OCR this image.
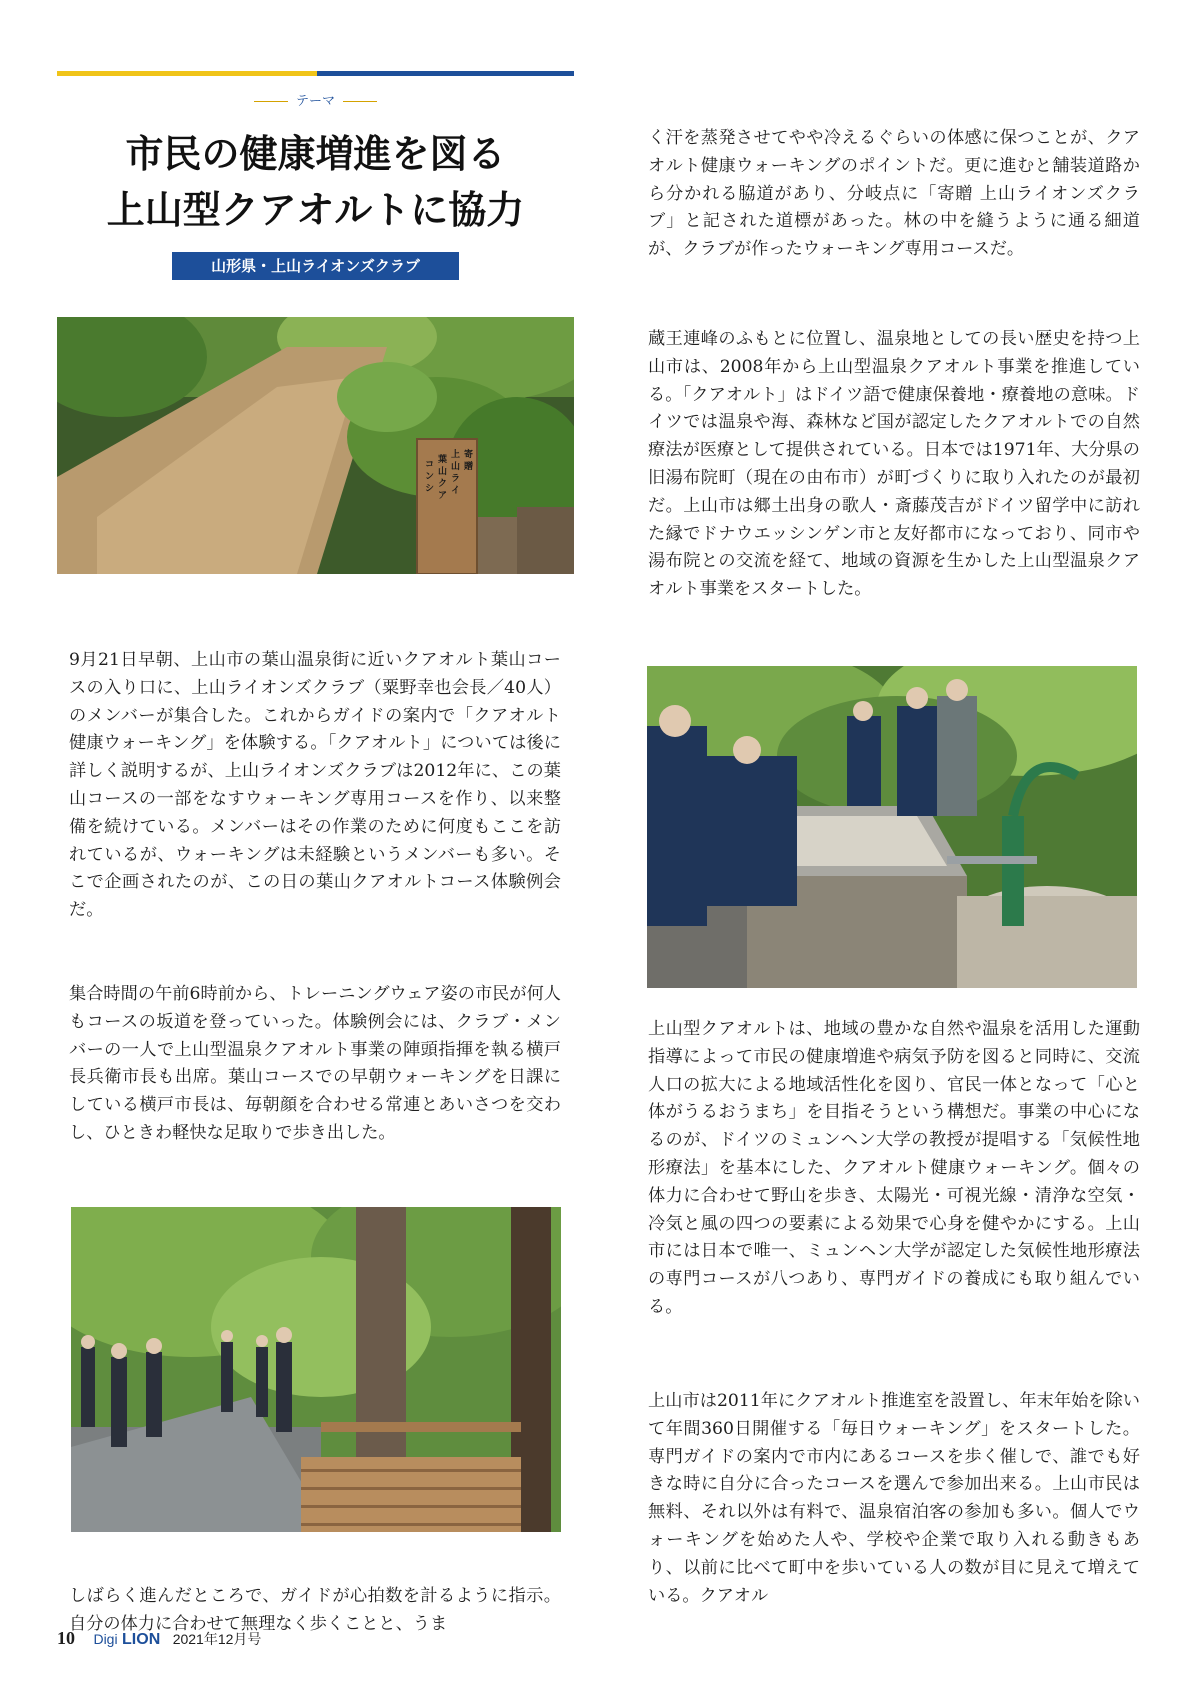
テーマ
市民の健康増進を図る
上山型クアオルトに協力
山形県・上山ライオンズクラブ
寄
贈
上
山
ラ
イ
葉
山
ク
ア
コ
ン
シ

9月21日早朝、上山市の葉山温泉街に近いクアオルト葉山コースの入り口に、上山ライオンズクラブ（粟野幸也会長／40人）のメンバーが集合した。これからガイドの案内で「クアオルト健康ウォーキング」を体験する。「クアオルト」については後に詳しく説明するが、上山ライオンズクラブは2012年に、この葉山コースの一部をなすウォーキング専用コースを作り、以来整備を続けている。メンバーはその作業のために何度もここを訪れているが、ウォーキングは未経験というメンバーも多い。そこで企画されたのが、この日の葉山クアオルトコース体験例会だ。

集合時間の午前6時前から、トレーニングウェア姿の市民が何人もコースの坂道を登っていった。体験例会には、クラブ・メンバーの一人で上山型温泉クアオルト事業の陣頭指揮を執る横戸長兵衛市長も出席。葉山コースでの早朝ウォーキングを日課にしている横戸市長は、毎朝顔を合わせる常連とあいさつを交わし、ひときわ軽快な足取りで歩き出した。

しばらく進んだところで、ガイドが心拍数を計るように指示。自分の体力に合わせて無理なく歩くことと、うま

く汗を蒸発させてやや冷えるぐらいの体感に保つことが、クアオルト健康ウォーキングのポイントだ。更に進むと舗装道路から分かれる脇道があり、分岐点に「寄贈 上山ライオンズクラブ」と記された道標があった。林の中を縫うように通る細道が、クラブが作ったウォーキング専用コースだ。

蔵王連峰のふもとに位置し、温泉地としての長い歴史を持つ上山市は、2008年から上山型温泉クアオルト事業を推進している。「クアオルト」はドイツ語で健康保養地・療養地の意味。ドイツでは温泉や海、森林など国が認定したクアオルトでの自然療法が医療として提供されている。日本では1971年、大分県の旧湯布院町（現在の由布市）が町づくりに取り入れたのが最初だ。上山市は郷土出身の歌人・斎藤茂吉がドイツ留学中に訪れた縁でドナウエッシンゲン市と友好都市になっており、同市や湯布院との交流を経て、地域の資源を生かした上山型温泉クアオルト事業をスタートした。

上山型クアオルトは、地域の豊かな自然や温泉を活用した運動指導によって市民の健康増進や病気予防を図ると同時に、交流人口の拡大による地域活性化を図り、官民一体となって「心と体がうるおうまち」を目指そうという構想だ。事業の中心になるのが、ドイツのミュンヘン大学の教授が提唱する「気候性地形療法」を基本にした、クアオルト健康ウォーキング。個々の体力に合わせて野山を歩き、太陽光・可視光線・清浄な空気・冷気と風の四つの要素による効果で心身を健やかにする。上山市には日本で唯一、ミュンヘン大学が認定した気候性地形療法の専門コースが八つあり、専門ガイドの養成にも取り組んでいる。

上山市は2011年にクアオルト推進室を設置し、年末年始を除いて年間360日開催する「毎日ウォーキング」をスタートした。専門ガイドの案内で市内にあるコースを歩く催しで、誰でも好きな時に自分に合ったコースを選んで参加出来る。上山市民は無料、それ以外は有料で、温泉宿泊客の参加も多い。個人でウォーキングを始めた人や、学校や企業で取り入れる動きもあり、以前に比べて町中を歩いている人の数が目に見えて増えている。クアオル

10 Digi LION 2021年12月号
